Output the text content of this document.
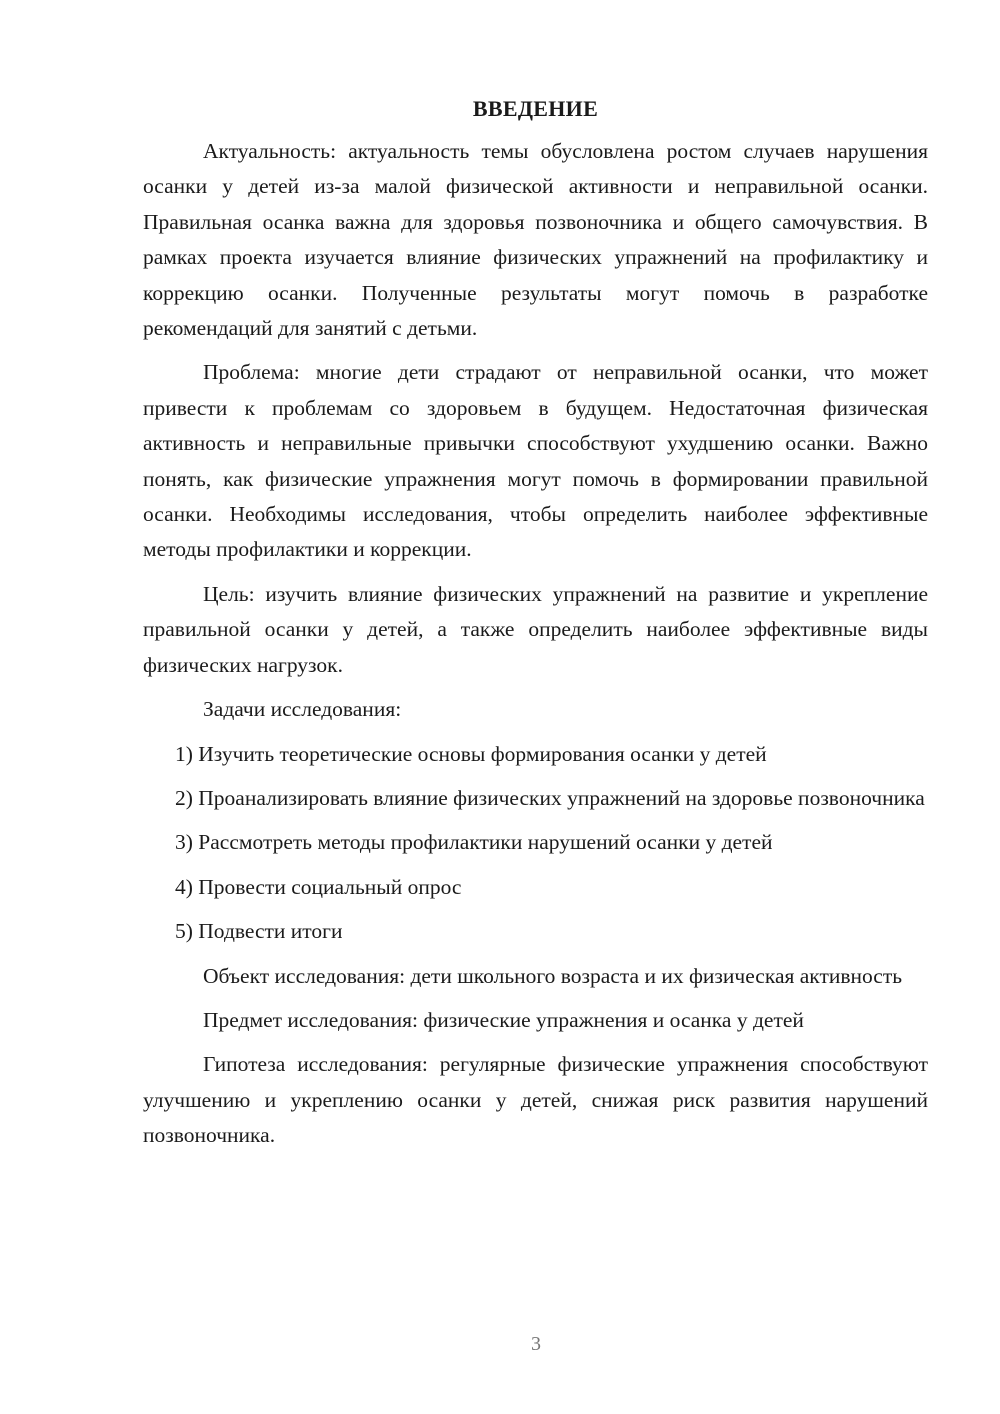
ВВЕДЕНИЕ

Актуальность: актуальность темы обусловлена ростом случаев нарушения осанки у детей из-за малой физической активности и неправильной осанки. Правильная осанка важна для здоровья позвоночника и общего самочувствия. В рамках проекта изучается влияние физических упражнений на профилактику и коррекцию осанки. Полученные результаты могут помочь в разработке рекомендаций для занятий с детьми.

Проблема: многие дети страдают от неправильной осанки, что может привести к проблемам со здоровьем в будущем. Недостаточная физическая активность и неправильные привычки способствуют ухудшению осанки. Важно понять, как физические упражнения могут помочь в формировании правильной осанки. Необходимы исследования, чтобы определить наиболее эффективные методы профилактики и коррекции.

Цель: изучить влияние физических упражнений на развитие и укрепление правильной осанки у детей, а также определить наиболее эффективные виды физических нагрузок.

Задачи исследования:

1) Изучить теоретические основы формирования осанки у детей

2) Проанализировать влияние физических упражнений на здоровье позвоночника

3) Рассмотреть методы профилактики нарушений осанки у детей

4) Провести социальный опрос

5) Подвести итоги

Объект исследования: дети школьного возраста и их физическая активность

Предмет исследования: физические упражнения и осанка у детей

Гипотеза исследования: регулярные физические упражнения способствуют улучшению и укреплению осанки у детей, снижая риск развития нарушений позвоночника.

3
